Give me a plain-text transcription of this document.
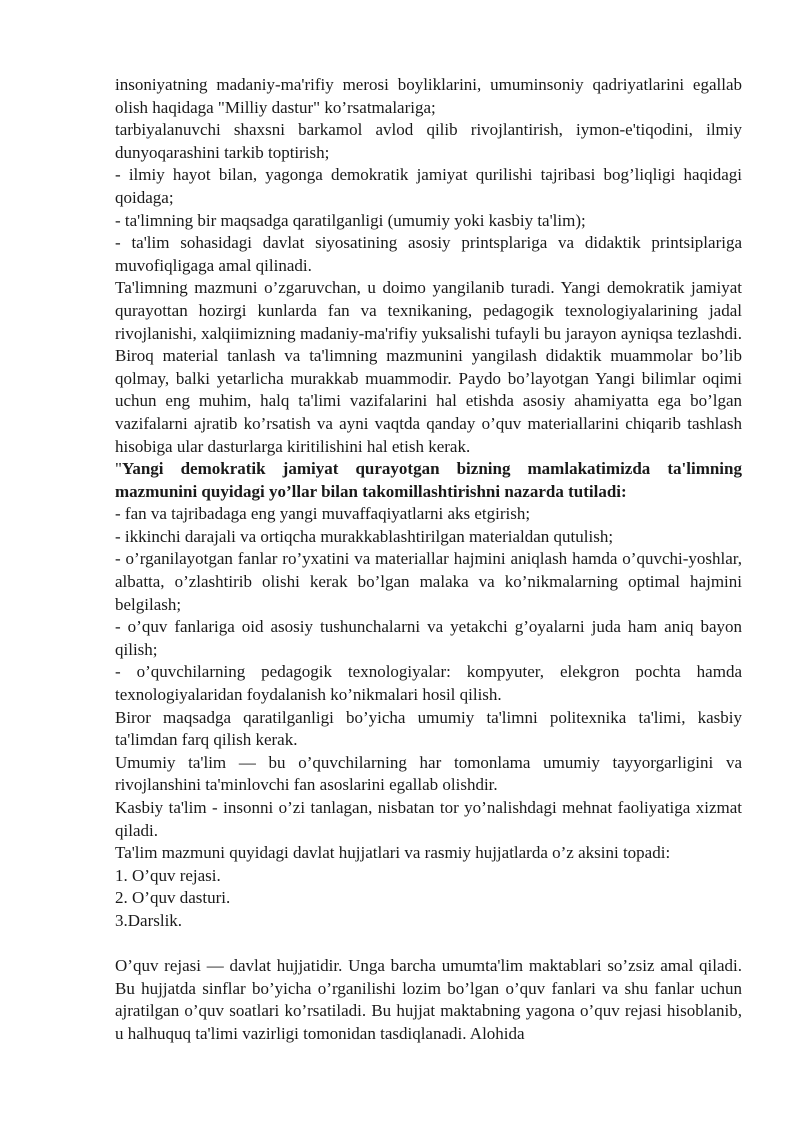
insoniyatning madaniy-ma'rifiy merosi boyliklarini, umuminsoniy qadriyatlarini egallab olish haqidaga "Milliy dastur" ko’rsatmalariga;

tarbiyalanuvchi shaxsni barkamol avlod qilib rivojlantirish, iymon-e'tiqodini, ilmiy dunyoqarashini tarkib toptirish;

- ilmiy hayot bilan, yagonga demokratik jamiyat qurilishi tajribasi bog’liqligi haqidagi qoidaga;

- ta'limning bir maqsadga qaratilganligi (umumiy yoki kasbiy ta'lim);

- ta'lim sohasidagi davlat siyosatining asosiy printsplariga va didaktik printsiplariga muvofiqligaga amal qilinadi.

Ta'limning mazmuni o’zgaruvchan, u doimo yangilanib turadi. Yangi demokratik jamiyat qurayottan hozirgi kunlarda fan va texnikaning, pedagogik texnologiyalarining jadal rivojlanishi, xalqiimizning madaniy-ma'rifiy yuksalishi tufayli bu jarayon ayniqsa tezlashdi. Biroq material tanlash va ta'limning mazmunini yangilash didaktik muammolar bo’lib qolmay, balki yetarlicha murakkab muammodir. Paydo bo’layotgan Yangi bilimlar oqimi uchun eng muhim, halq ta'limi vazifalarini hal etishda asosiy ahamiyatta ega bo’lgan vazifalarni ajratib ko’rsatish va ayni vaqtda qanday o’quv materiallarini chiqarib tashlash hisobiga ular dasturlarga kiritilishini hal etish kerak.

"Yangi demokratik jamiyat qurayotgan bizning mamlakatimizda ta'limning mazmunini quyidagi yo’llar bilan takomillashtirishni nazarda tutiladi:

- fan va tajribadaga eng yangi muvaffaqiyatlarni aks etgirish;

- ikkinchi darajali va ortiqcha murakkablashtirilgan materialdan qutulish;

- o’rganilayotgan fanlar ro’yxatini va materiallar hajmini aniqlash hamda o’quvchi-yoshlar, albatta, o’zlashtirib olishi kerak bo’lgan malaka va ko’nikmalarning optimal hajmini belgilash;

- o’quv fanlariga oid asosiy tushunchalarni va yetakchi g’oyalarni juda ham aniq bayon qilish;

- o’quvchilarning pedagogik texnologiyalar: kompyuter, elekgron pochta hamda texnologiyalaridan foydalanish ko’nikmalari hosil qilish.

Biror maqsadga qaratilganligi bo’yicha umumiy ta'limni politexnika ta'limi, kasbiy ta'limdan farq qilish kerak.

Umumiy ta'lim — bu o’quvchilarning har tomonlama umumiy tayyorgarligini va rivojlanshini ta'minlovchi fan asoslarini egallab olishdir.

Kasbiy ta'lim - insonni o’zi tanlagan, nisbatan tor yo’nalishdagi mehnat faoliyatiga xizmat qiladi.

Ta'lim mazmuni quyidagi davlat hujjatlari va rasmiy hujjatlarda o’z aksini topadi:

1. O’quv rejasi.

2. O’quv dasturi.

3.Darslik.

O’quv rejasi — davlat hujjatidir. Unga barcha umumta'lim maktablari so’zsiz amal qiladi. Bu hujjatda sinflar bo’yicha o’rganilishi lozim bo’lgan o’quv fanlari va shu fanlar uchun ajratilgan o’quv soatlari ko’rsatiladi. Bu hujjat maktabning yagona o’quv rejasi hisoblanib, u halhuquq ta'limi vazirligi tomonidan tasdiqlanadi. Alohida
